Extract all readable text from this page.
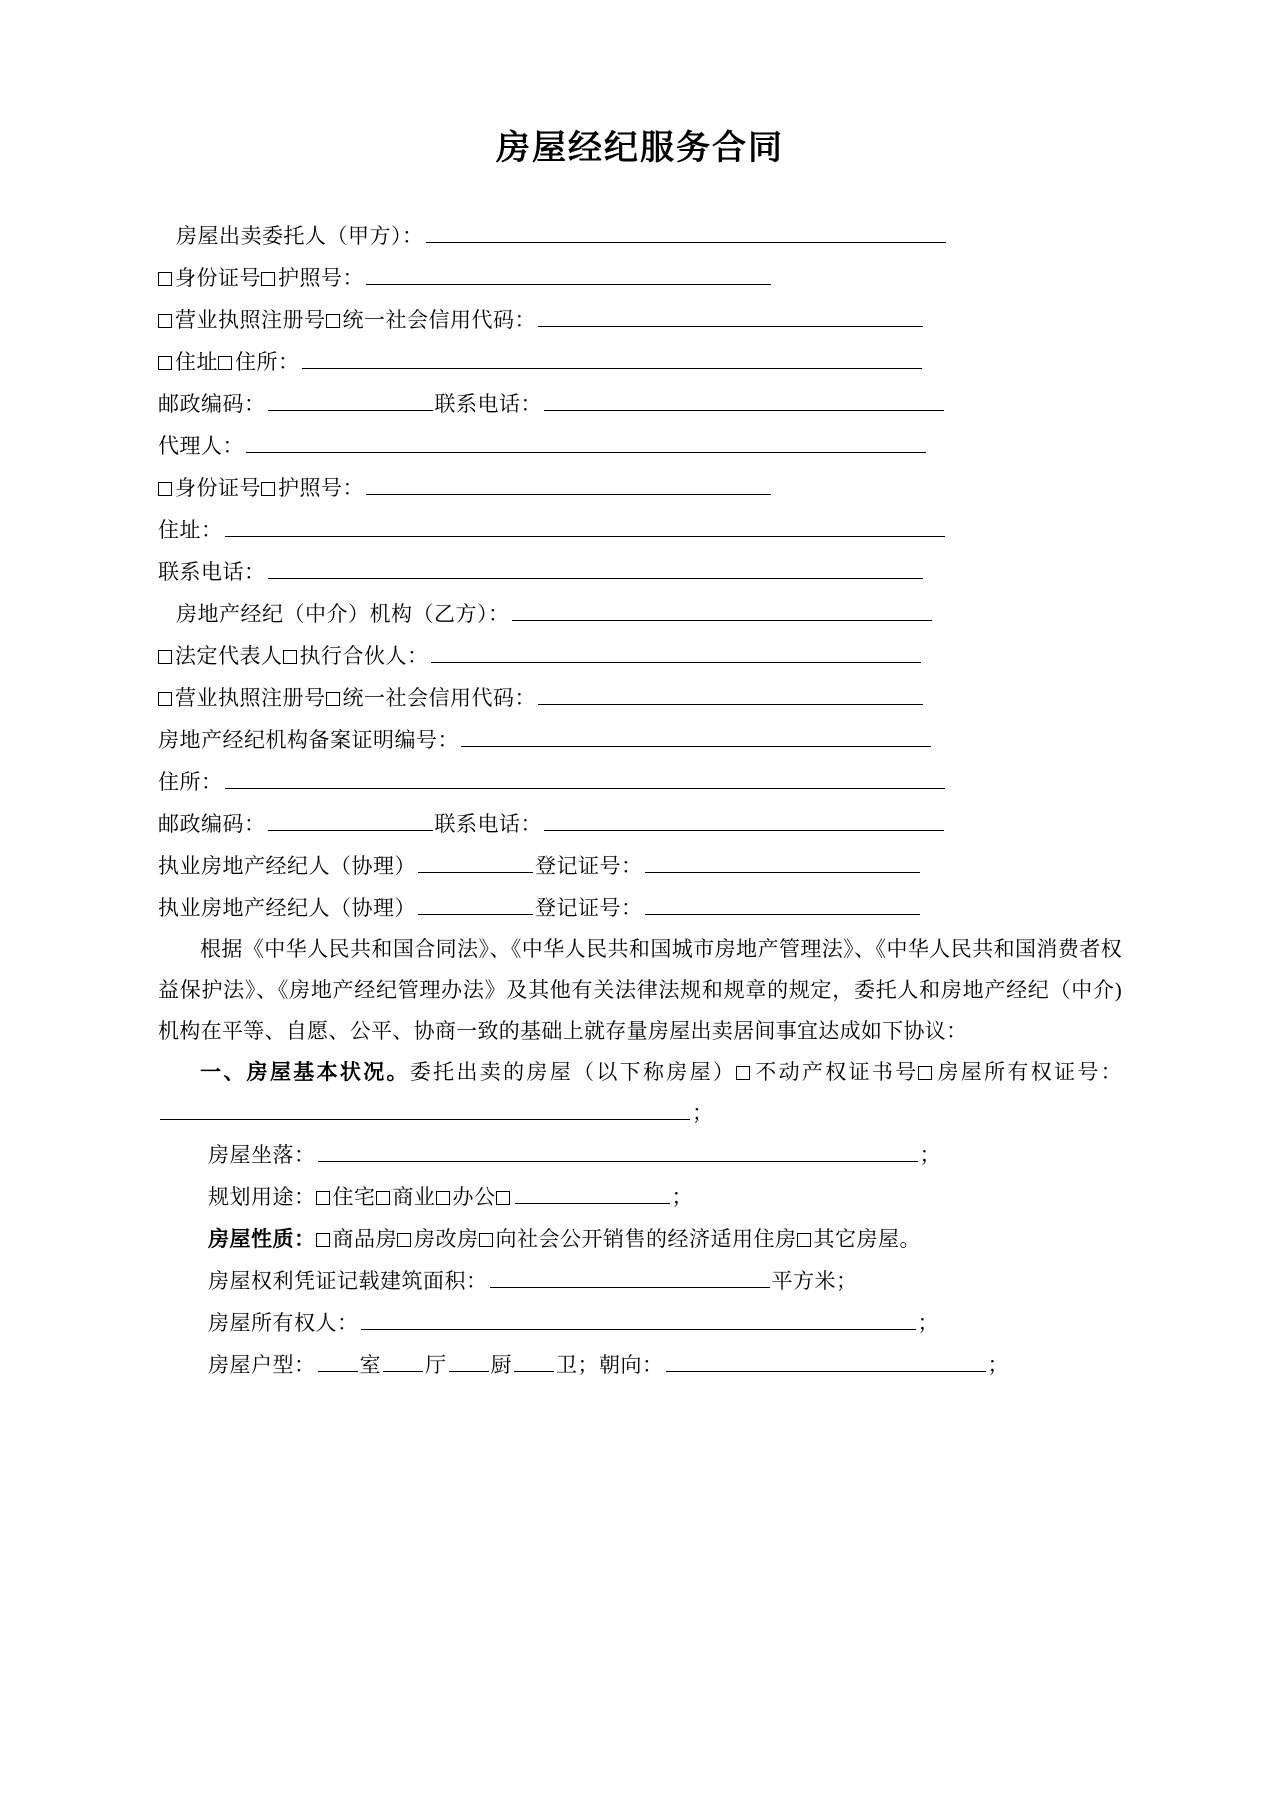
房屋经纪服务合同

房屋出卖委托人（甲方）：

身份证号 护照号：

营业执照注册号 统一社会信用代码：

住址 住所：

邮政编码：	联系电话：

代理人：

身份证号 护照号：

住址：

联系电话：

房地产经纪（中介）机构（乙方）：

法定代表人 执行合伙人：

营业执照注册号 统一社会信用代码：

房地产经纪机构备案证明编号：

住所：

邮政编码：	联系电话：

执业房地产经纪人（协理）	登记证号：

执业房地产经纪人（协理）	登记证号：

根据《中华人民共和国合同法》、《中华人民共和国城市房地产管理法》、《中华人民共和国消费者权益保护法》、《房地产经纪管理办法》及其他有关法律法规和规章的规定，委托人和房地产经纪（中介)机构在平等、自愿、公平、协商一致的基础上就存量房屋出卖居间事宜达成如下协议：

一、房屋基本状况。委托出卖的房屋（以下称房屋） 不动产权证书号 房屋所有权证号：；

房屋坐落：	；

规划用途： 住宅 商业 办公	；

房屋性质： 商品房 房改房 向社会公开销售的经济适用住房 其它房屋。

房屋权利凭证记载建筑面积：	平方米；

房屋所有权人：	；

房屋户型： 室 厅 厨 卫；朝向：	；
